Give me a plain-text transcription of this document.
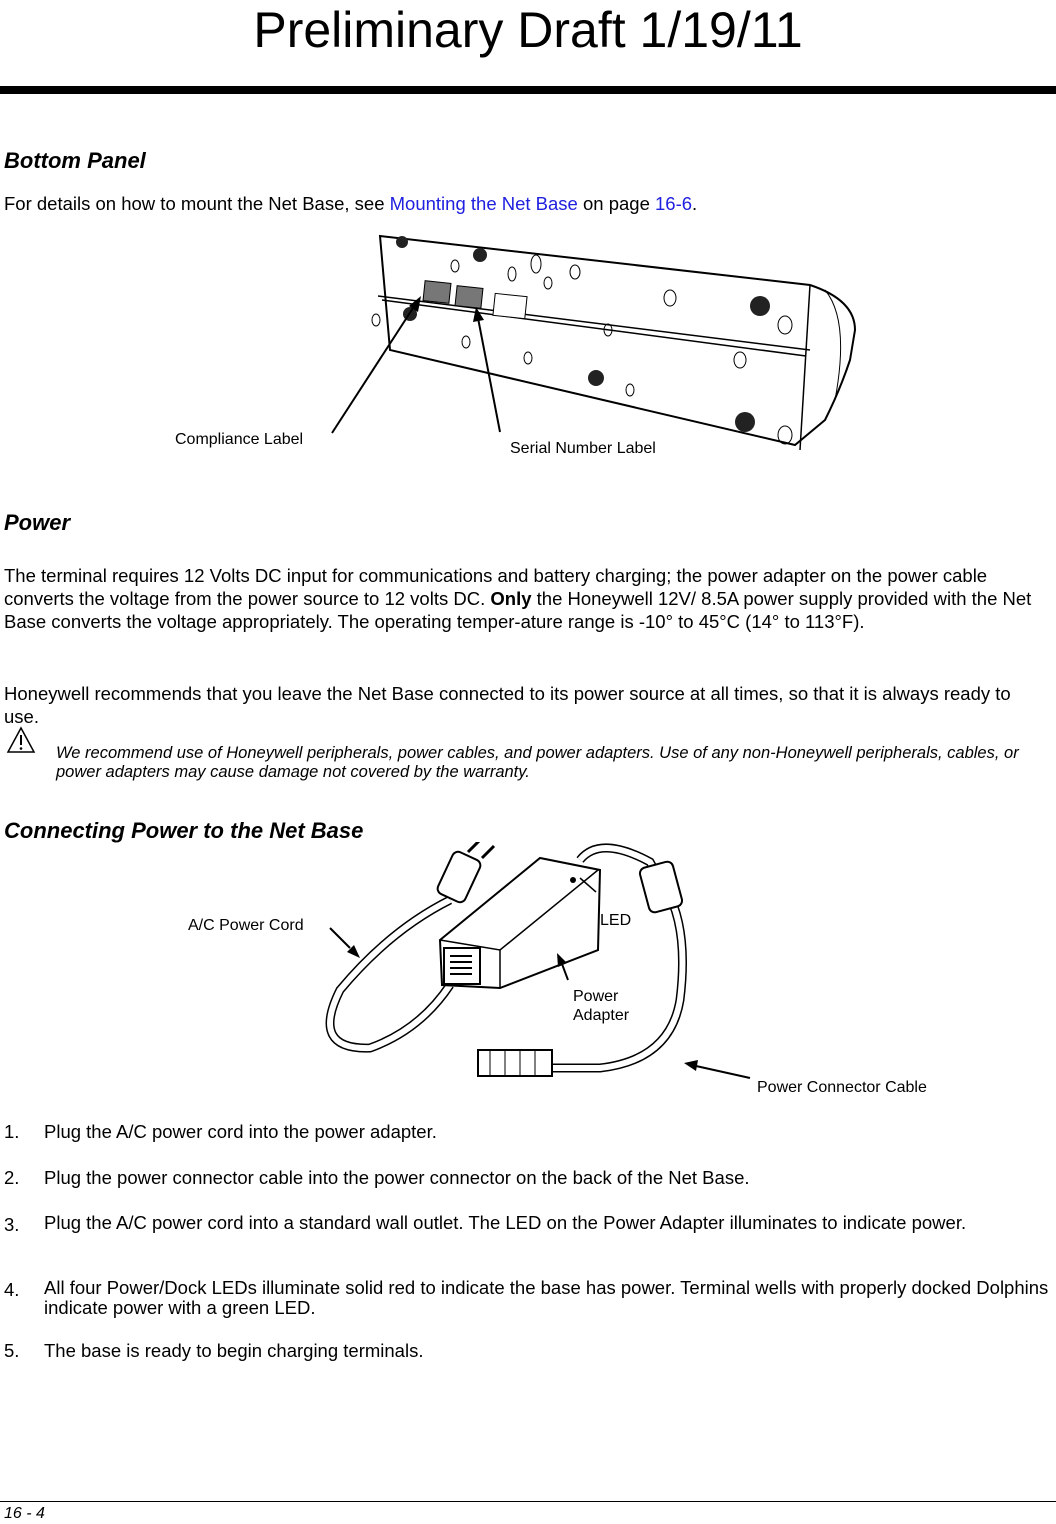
Preliminary Draft 1/19/11
Bottom Panel

For details on how to mount the Net Base, see Mounting the Net Base on page 16-6.

Compliance Label
Serial Number Label
Power

The terminal requires 12 Volts DC input for communications and battery charging; the power adapter on the power cable converts the voltage from the power source to 12 volts DC. Only the Honeywell 12V/ 8.5A power supply provided with the Net Base converts the voltage appropriately. The operating temper-ature range is -10° to 45°C (14° to 113°F).

Honeywell recommends that you leave the Net Base connected to its power source at all times, so that it is always ready to use.

We recommend use of Honeywell peripherals, power cables, and power adapters. Use of any non-Honeywell peripherals, cables, or power adapters may cause damage not covered by the warranty.

Connecting Power to the Net Base
A/C Power Cord	LED
Power
Adapter
Power Connector Cable
1. Plug the A/C power cord into the power adapter.
2. Plug the power connector cable into the power connector on the back of the Net Base.
3. Plug the A/C power cord into a standard wall outlet. The LED on the Power Adapter illuminates to indicate power.
4. All four Power/Dock LEDs illuminate solid red to indicate the base has power. Terminal wells with properly docked Dolphins indicate power with a green LED.
5. The base is ready to begin charging terminals.
16 - 4
